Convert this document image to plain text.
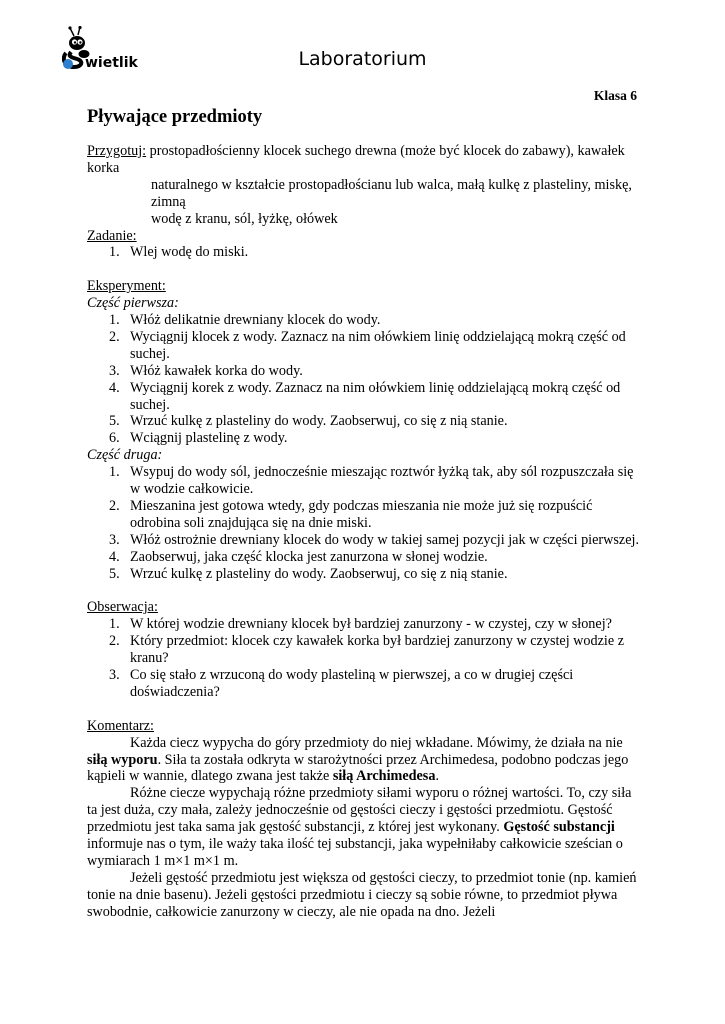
wietlik	Laboratorium
Klasa 6
Pływające przedmioty

Przygotuj: prostopadłościenny klocek suchego drewna (może być klocek do zabawy), kawałek korka

naturalnego w kształcie prostopadłościanu lub walca, małą kulkę z plasteliny, miskę, zimną

wodę z kranu, sól, łyżkę, ołówek

Zadanie:

1. Wlej wodę do miski.

Eksperyment:

Część pierwsza:

1. Włóż delikatnie drewniany klocek do wody.
2. Wyciągnij klocek z wody. Zaznacz na nim ołówkiem linię oddzielającą mokrą część od suchej.
3. Włóż kawałek korka do wody.
4. Wyciągnij korek z wody. Zaznacz na nim ołówkiem linię oddzielającą mokrą część od suchej.
5. Wrzuć kulkę z plasteliny do wody. Zaobserwuj, co się z nią stanie.
6. Wciągnij plastelinę z wody.

Część druga:

1. Wsypuj do wody sól, jednocześnie mieszając roztwór łyżką tak, aby sól rozpuszczała się w wodzie całkowicie.
2. Mieszanina jest gotowa wtedy, gdy podczas mieszania nie może już się rozpuścić odrobina soli znajdująca się na dnie miski.
3. Włóż ostrożnie drewniany klocek do wody w takiej samej pozycji jak w części pierwszej.
4. Zaobserwuj, jaka część klocka jest zanurzona w słonej wodzie.
5. Wrzuć kulkę z plasteliny do wody. Zaobserwuj, co się z nią stanie.

Obserwacja:

1. W której wodzie drewniany klocek był bardziej zanurzony - w czystej, czy w słonej?
2. Który przedmiot: klocek czy kawałek korka był bardziej zanurzony w czystej wodzie z kranu?
3. Co się stało z wrzuconą do wody plasteliną w pierwszej, a co w drugiej części doświadczenia?

Komentarz:

Każda ciecz wypycha do góry przedmioty do niej wkładane. Mówimy, że działa na nie siłą wyporu. Siła ta została odkryta w starożytności przez Archimedesa, podobno podczas jego kąpieli w wannie, dlatego zwana jest także siłą Archimedesa.

Różne ciecze wypychają różne przedmioty siłami wyporu o różnej wartości. To, czy siła ta jest duża, czy mała, zależy jednocześnie od gęstości cieczy i gęstości przedmiotu. Gęstość przedmiotu jest taka sama jak gęstość substancji, z której jest wykonany. Gęstość substancji informuje nas o tym, ile waży taka ilość tej substancji, jaka wypełniłaby całkowicie sześcian o wymiarach 1 m×1 m×1 m.

Jeżeli gęstość przedmiotu jest większa od gęstości cieczy, to przedmiot tonie (np. kamień tonie na dnie basenu). Jeżeli gęstości przedmiotu i cieczy są sobie równe, to przedmiot pływa swobodnie, całkowicie zanurzony w cieczy, ale nie opada na dno. Jeżeli
